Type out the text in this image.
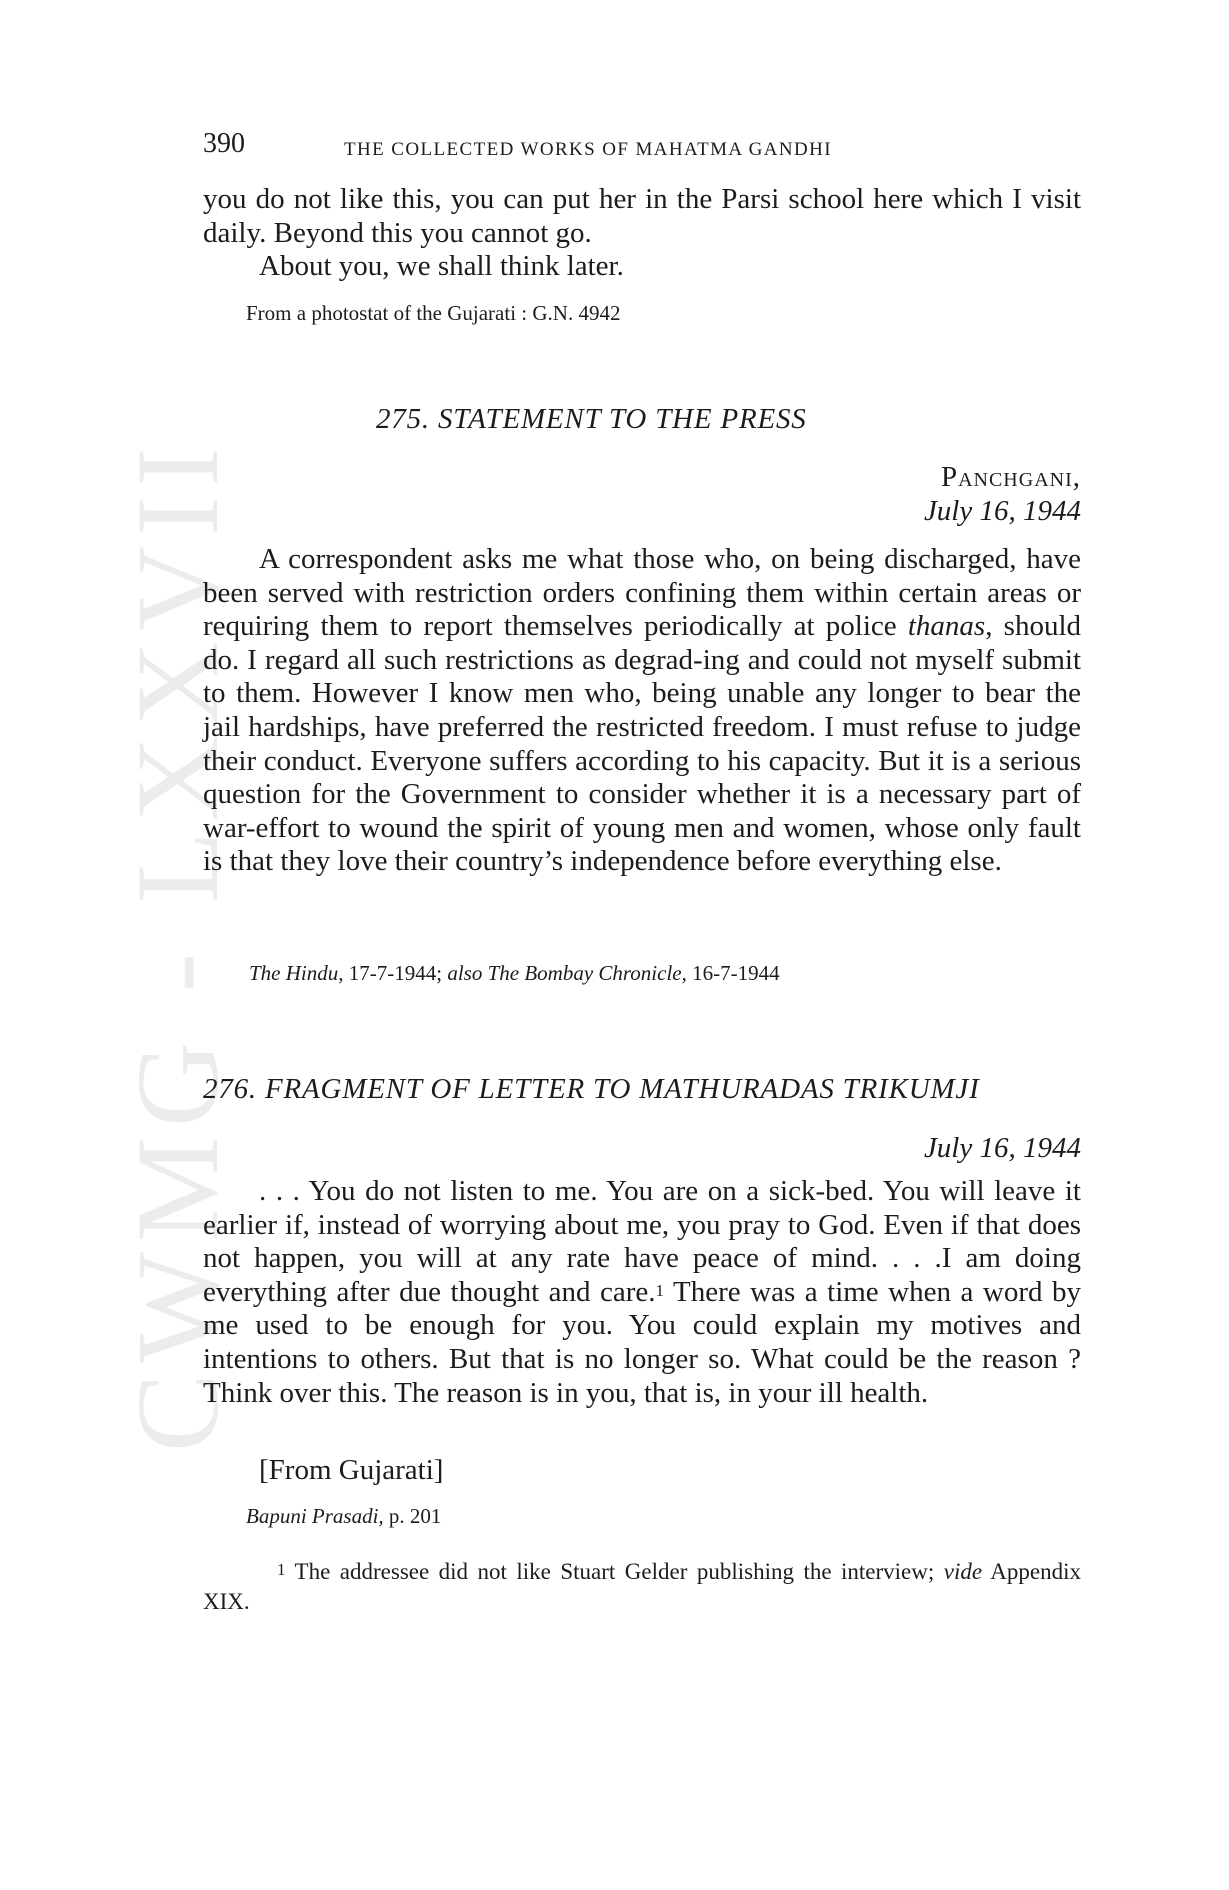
CWMG - LXXVII
390	THE COLLECTED WORKS OF MAHATMA GANDHI

you do not like this, you can put her in the Parsi school here which I visit daily. Beyond this you cannot go.

About you, we shall think later.

From a photostat of the Gujarati : G.N. 4942
275. STATEMENT TO THE PRESS
Panchgani,
July 16, 1944

A correspondent asks me what those who, on being discharged, have been served with restriction orders confining them within certain areas or requiring them to report themselves periodically at police thanas, should do. I regard all such restrictions as degrad-ing and could not myself submit to them. However I know men who, being unable any longer to bear the jail hardships, have preferred the restricted freedom. I must refuse to judge their conduct. Everyone suffers according to his capacity. But it is a serious question for the Government to consider whether it is a necessary part of war-effort to wound the spirit of young men and women, whose only fault is that they love their country’s independence before everything else.

The Hindu, 17-7-1944; also The Bombay Chronicle, 16-7-1944
276. FRAGMENT OF LETTER TO MATHURADAS TRIKUMJI
July 16, 1944

. . . You do not listen to me. You are on a sick-bed. You will leave it earlier if, instead of worrying about me, you pray to God. Even if that does not happen, you will at any rate have peace of mind. . . .I am doing everything after due thought and care.$^1$ There was a time when a word by me used to be enough for you. You could explain my motives and intentions to others. But that is no longer so. What could be the reason ? Think over this. The reason is in you, that is, in your ill health.

[From Gujarati]

Bapuni Prasadi, p. 201
$^1$ The addressee did not like Stuart Gelder publishing the interview; vide Appendix XIX.
